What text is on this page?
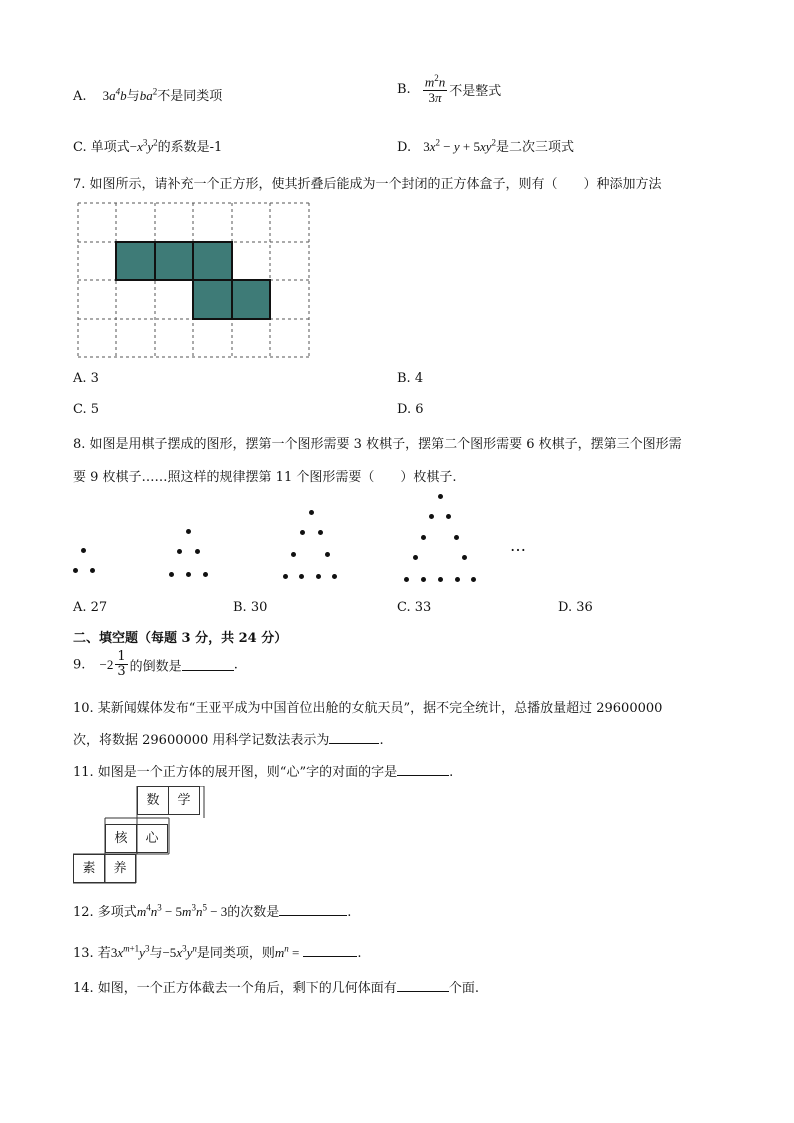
A. $3a^4b$与$ba^2$不是同类项	B. $\frac{m^2n}{3\pi}$ 不是整式
C. 单项式$-x^3y^2$的系数是-1	D. $3x^2 - y + 5xy^2$是二次三项式
7. 如图所示，请补充一个正方形，使其折叠后能成为一个封闭的正方体盒子，则有（　　）种添加方法
A. 3	B. 4
C. 5	D. 6
8. 如图是用棋子摆成的图形，摆第一个图形需要 3 枚棋子，摆第二个图形需要 6 枚棋子，摆第三个图形需
要 9 枚棋子……照这样的规律摆第 11 个图形需要（　　）枚棋子.
…
A. 27	B. 30	C. 33	D. 36
二、填空题（每题 3 分，共 24 分）
9. $-2 \frac{1}{3}$ 的倒数是	.
10. 某新闻媒体发布“王亚平成为中国首位出舱的女航天员”，据不完全统计，总播放量超过 29600000
次，将数据 29600000 用科学记数法表示为	.
11. 如图是一个正方体的展开图，则“心”字的对面的字是	.
数	学
核	心
素	养
12. 多项式$m^4n^3 - 5m^3n^5 - 3$的次数是	.
13. 若$3x^{m+1}y^3$与$-5x^3y^n$是同类项，则$m^n$ =	.
14. 如图，一个正方体截去一个角后，剩下的几何体面有	个面.
